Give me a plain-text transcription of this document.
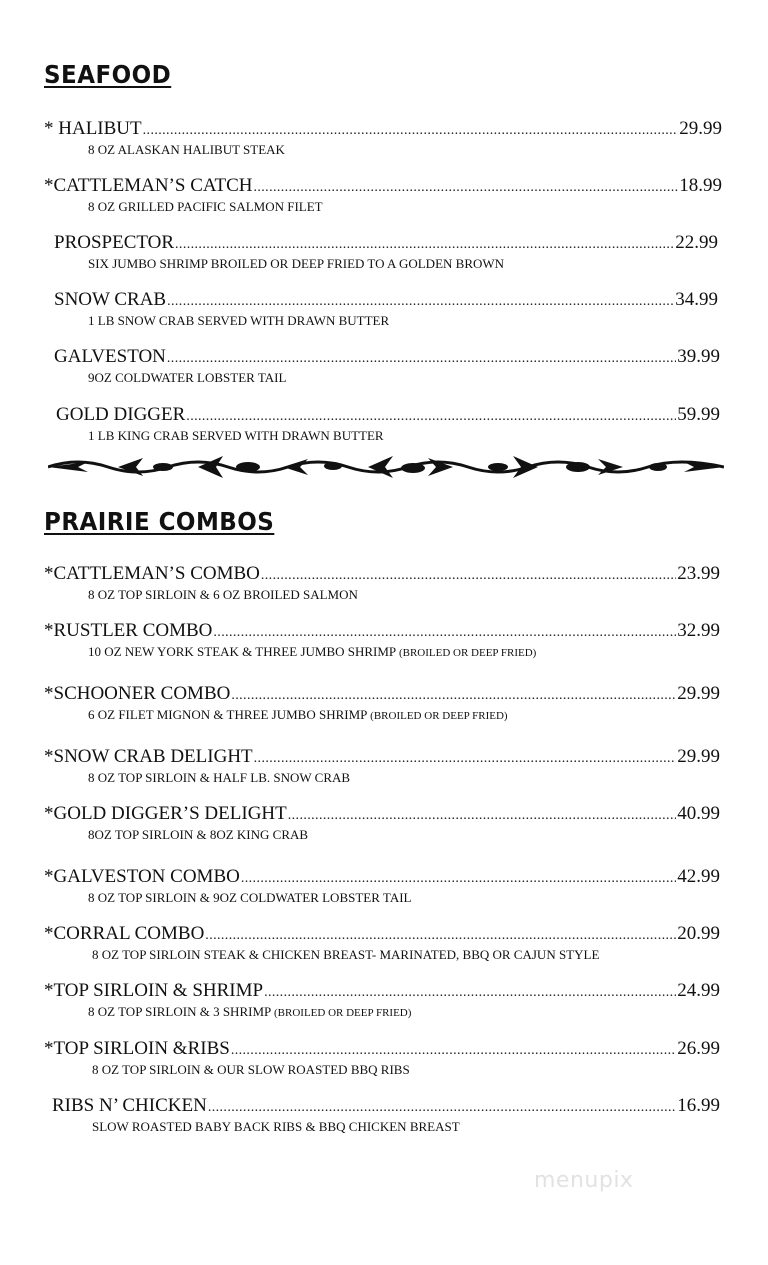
SEAFOOD
* HALIBUT .....	29.99
8 OZ ALASKAN HALIBUT STEAK
*CATTLEMAN’S CATCH .....	18.99
8 OZ GRILLED PACIFIC SALMON FILET
PROSPECTOR .....	22.99
SIX JUMBO SHRIMP BROILED OR DEEP FRIED TO A GOLDEN BROWN
SNOW CRAB .....	34.99
1 LB SNOW CRAB SERVED WITH DRAWN BUTTER
GALVESTON .....	39.99
9OZ COLDWATER LOBSTER TAIL
GOLD DIGGER .....	59.99
1 LB KING CRAB SERVED WITH DRAWN BUTTER
PRAIRIE COMBOS
*CATTLEMAN’S COMBO .....	23.99
8 OZ TOP SIRLOIN & 6 OZ BROILED SALMON
*RUSTLER COMBO .....	32.99
10 OZ NEW YORK STEAK & THREE JUMBO SHRIMP (BROILED OR DEEP FRIED)
*SCHOONER COMBO .....	29.99
6 OZ FILET MIGNON & THREE JUMBO SHRIMP (BROILED OR DEEP FRIED)
*SNOW CRAB DELIGHT .....	29.99
8 OZ TOP SIRLOIN & HALF LB. SNOW CRAB
*GOLD DIGGER’S DELIGHT .....	40.99
8OZ TOP SIRLOIN & 8OZ KING CRAB
*GALVESTON COMBO .....	42.99
8 OZ TOP SIRLOIN & 9OZ COLDWATER LOBSTER TAIL
*CORRAL COMBO .....	20.99
8 OZ TOP SIRLOIN STEAK & CHICKEN BREAST- MARINATED, BBQ OR CAJUN STYLE
*TOP SIRLOIN & SHRIMP .....	24.99
8 OZ TOP SIRLOIN & 3 SHRIMP (BROILED OR DEEP FRIED)
*TOP SIRLOIN &RIBS .....	26.99
8 OZ TOP SIRLOIN & OUR SLOW ROASTED BBQ RIBS
RIBS N’ CHICKEN .....	16.99
SLOW ROASTED BABY BACK RIBS & BBQ CHICKEN BREAST
menupix
